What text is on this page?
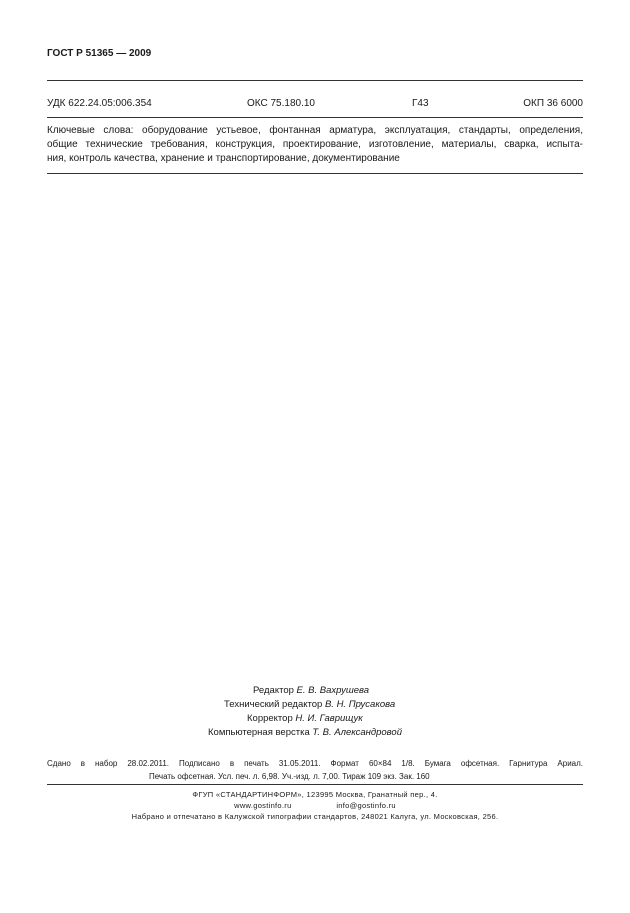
ГОСТ Р 51365 — 2009
УДК 622.24.05:006.354	ОКС 75.180.10	Г43	ОКП 36 6000
Ключевые слова: оборудование устьевое, фонтанная арматура, эксплуатация, стандарты, определения,
общие технические требования, конструкция, проектирование, изготовление, материалы, сварка, испыта-
ния, контроль качества, хранение и транспортирование, документирование
Редактор Е. В. Вахрушева
Технический редактор В. Н. Прусакова
Корректор Н. И. Гаврищук
Компьютерная верстка Т. В. Александровой
Сдано в набор 28.02.2011. Подписано в печать 31.05.2011. Формат 60×84 1/8. Бумага офсетная. Гарнитура Ариал.
Печать офсетная. Усл. печ. л. 6,98. Уч.-изд. л. 7,00. Тираж 109 экз. Зак. 160
ФГУП «СТАНДАРТИНФОРМ», 123995 Москва, Гранатный пер., 4.
www.gostinfo.ru	info@gostinfo.ru
Набрано и отпечатано в Калужской типографии стандартов, 248021 Калуга, ул. Московская, 256.
